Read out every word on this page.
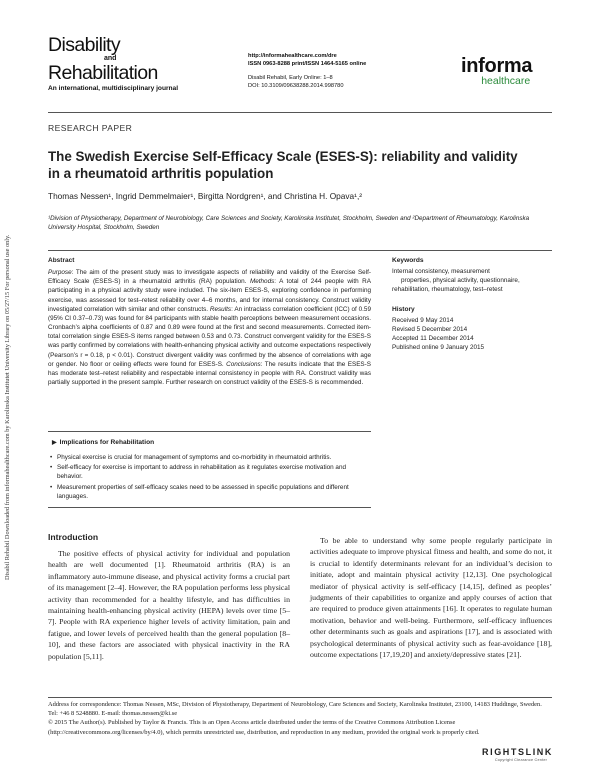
Disabil Rehabil Downloaded from informahealthcare.com by Karolinska Institutet University Library on 05/27/15 For personal use only.
Disability
and
Rehabilitation
An international, multidisciplinary journal
http://informahealthcare.com/dre
ISSN 0963-8288 print/ISSN 1464-5165 online
Disabil Rehabil, Early Online: 1–8
DOI: 10.3109/09638288.2014.998780
informa
healthcare
RESEARCH PAPER
The Swedish Exercise Self-Efficacy Scale (ESES-S): reliability and validity in a rheumatoid arthritis population
Thomas Nessen¹, Ingrid Demmelmaier¹, Birgitta Nordgren¹, and Christina H. Opava¹,²
¹Division of Physiotherapy, Department of Neurobiology, Care Sciences and Society, Karolinska Institutet, Stockholm, Sweden and ²Department of Rheumatology, Karolinska University Hospital, Stockholm, Sweden
Abstract
Purpose: The aim of the present study was to investigate aspects of reliability and validity of the Exercise Self-Efficacy Scale (ESES-S) in a rheumatoid arthritis (RA) population. Methods: A total of 244 people with RA participating in a physical activity study were included. The six-item ESES-S, exploring confidence in performing exercise, was assessed for test–retest reliability over 4–6 months, and for internal consistency. Construct validity investigated correlation with similar and other constructs. Results: An intraclass correlation coefficient (ICC) of 0.59 (95% CI 0.37–0.73) was found for 84 participants with stable health perceptions between measurement occasions. Cronbach’s alpha coefficients of 0.87 and 0.89 were found at the first and second measurements. Corrected item-total correlation single ESES-S items ranged between 0.53 and 0.73. Construct convergent validity for the ESES-S was partly confirmed by correlations with health-enhancing physical activity and outcome expectations respectively (Pearson’s r = 0.18, p < 0.01). Construct divergent validity was confirmed by the absence of correlations with age or gender. No floor or ceiling effects were found for ESES-S. Conclusions: The results indicate that the ESES-S has moderate test–retest reliability and respectable internal consistency in people with RA. Construct validity was partially supported in the present sample. Further research on construct validity of the ESES-S is recommended.
Keywords
Internal consistency, measurement
properties, physical activity, questionnaire,
rehabilitation, rheumatology, test–retest
History
Received 9 May 2014
Revised 5 December 2014
Accepted 11 December 2014
Published online 9 January 2015
▶ Implications for Rehabilitation
• Physical exercise is crucial for management of symptoms and co-morbidity in rheumatoid arthritis.
• Self-efficacy for exercise is important to address in rehabilitation as it regulates exercise motivation and behavior.
• Measurement properties of self-efficacy scales need to be assessed in specific populations and different languages.
Introduction

The positive effects of physical activity for individual and population health are well documented [1]. Rheumatoid arthritis (RA) is an inflammatory auto-immune disease, and physical activity forms a crucial part of its management [2–4]. However, the RA population performs less physical activity than recommended for a healthy lifestyle, and has difficulties in maintaining health-enhancing physical activity (HEPA) levels over time [5–7]. People with RA experience higher levels of activity limitation, pain and fatigue, and lower levels of perceived health than the general population [8–10], and these factors are associated with physical inactivity in the RA population [5,11].

To be able to understand why some people regularly participate in activities adequate to improve physical fitness and health, and some do not, it is crucial to identify determinants relevant for an individual’s decision to initiate, adopt and maintain physical activity [12,13]. One psychological mediator of physical activity is self-efficacy [14,15], defined as peoples’ judgments of their capabilities to organize and apply courses of action that are required to produce given attainments [16]. It operates to regulate human motivation, behavior and well-being. Furthermore, self-efficacy influences other determinants such as goals and aspirations [17], and is associated with psychological determinants of physical activity such as fear-avoidance [18], outcome expectations [17,19,20] and anxiety/depressive states [21].

Address for correspondence: Thomas Nessen, MSc, Division of Physiotherapy, Department of Neurobiology, Care Sciences and Society, Karolinska Institutet, 23100, 14183 Huddinge, Sweden. Tel: +46 8 5248880. E-mail: thomas.nessen@ki.se
© 2015 The Author(s). Published by Taylor & Francis. This is an Open Access article distributed under the terms of the Creative Commons Attribution License (http://creativecommons.org/licenses/by/4.0), which permits unrestricted use, distribution, and reproduction in any medium, provided the original work is properly cited.
RIGHTSLINK
Copyright Clearance Center
